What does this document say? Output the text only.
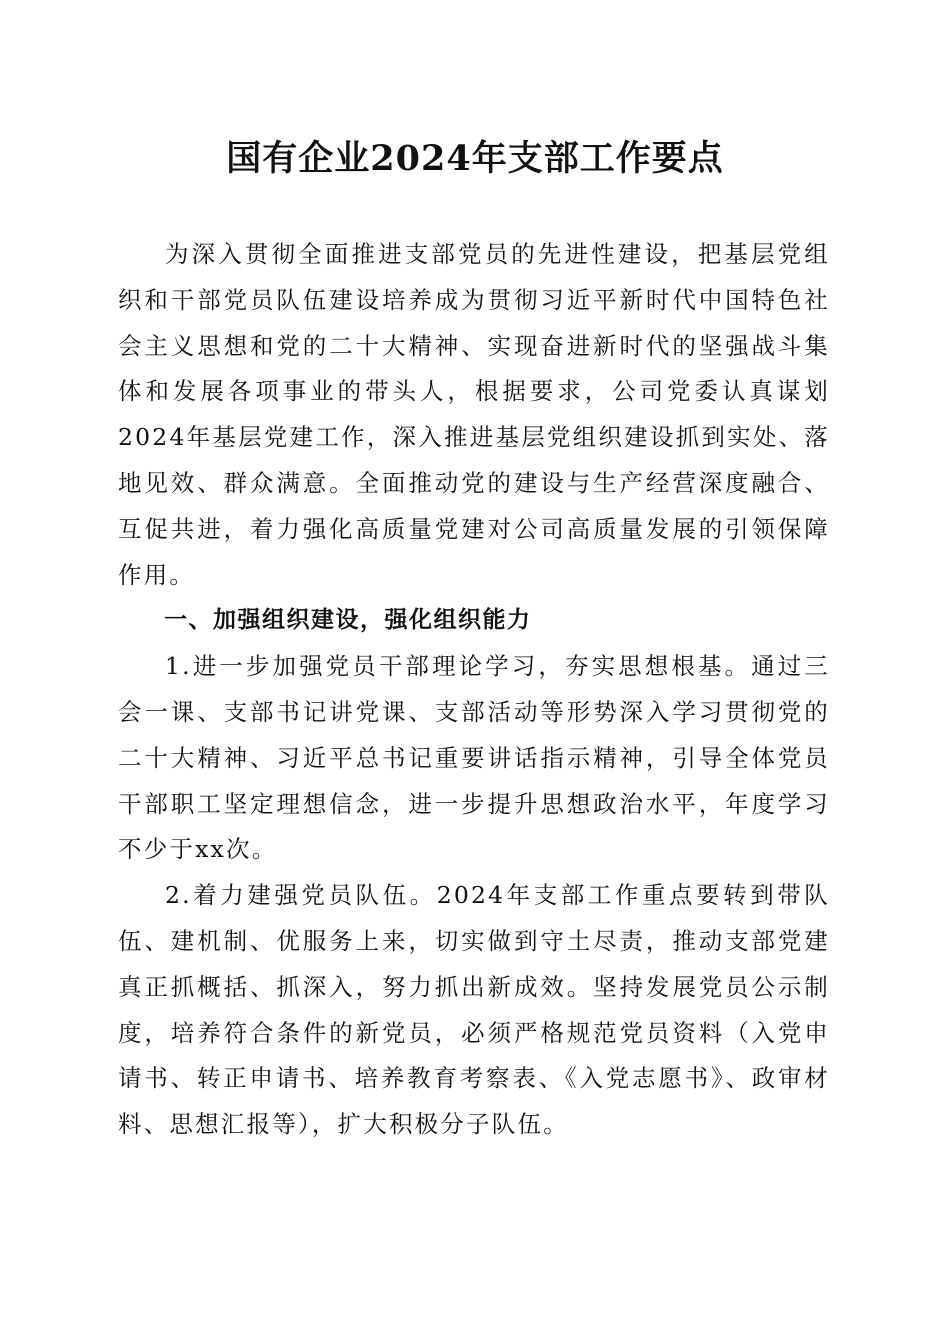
国有企业2024年支部工作要点

为深入贯彻全面推进支部党员的先进性建设，把基层党组织和干部党员队伍建设培养成为贯彻习近平新时代中国特色社会主义思想和党的二十大精神、实现奋进新时代的坚强战斗集体和发展各项事业的带头人，根据要求，公司党委认真谋划2024年基层党建工作，深入推进基层党组织建设抓到实处、落地见效、群众满意。全面推动党的建设与生产经营深度融合、互促共进，着力强化高质量党建对公司高质量发展的引领保障作用。

一、加强组织建设，强化组织能力

1.进一步加强党员干部理论学习，夯实思想根基。通过三会一课、支部书记讲党课、支部活动等形势深入学习贯彻党的二十大精神、习近平总书记重要讲话指示精神，引导全体党员干部职工坚定理想信念，进一步提升思想政治水平，年度学习不少于xx次。

2.着力建强党员队伍。2024年支部工作重点要转到带队伍、建机制、优服务上来，切实做到守土尽责，推动支部党建真正抓概括、抓深入，努力抓出新成效。坚持发展党员公示制度，培养符合条件的新党员，必须严格规范党员资料（入党申请书、转正申请书、培养教育考察表、《入党志愿书》、政审材料、思想汇报等），扩大积极分子队伍。
